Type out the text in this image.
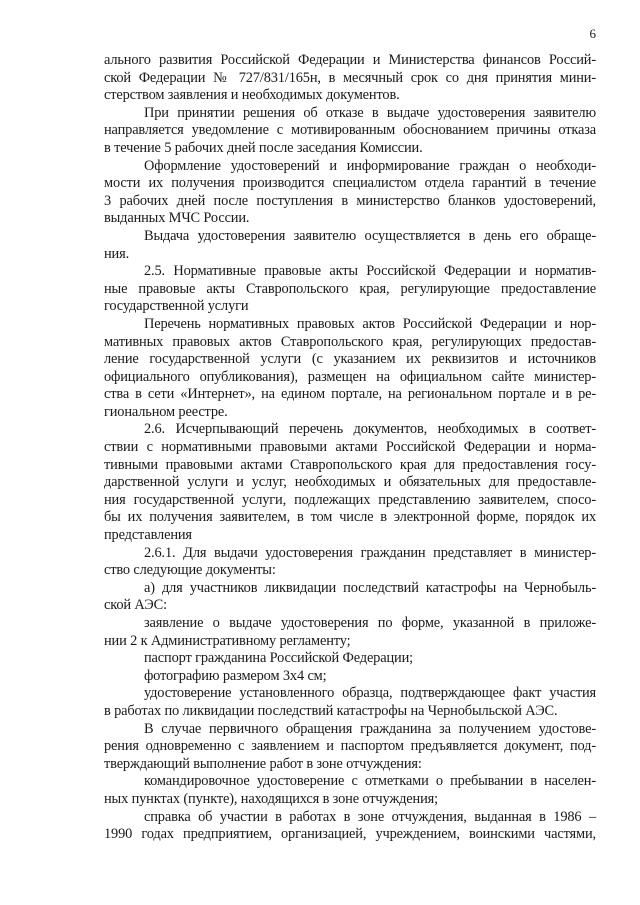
6

ального развития Российской Федерации и Министерства финансов Россий-

ской Федерации № 727/831/165н, в месячный срок со дня принятия мини-

стерством заявления и необходимых документов.

При принятии решения об отказе в выдаче удостоверения заявителю

направляется уведомление с мотивированным обоснованием причины отказа

в течение 5 рабочих дней после заседания Комиссии.

Оформление удостоверений и информирование граждан о необходи-

мости их получения производится специалистом отдела гарантий в течение

3 рабочих дней после поступления в министерство бланков удостоверений,

выданных МЧС России.

Выдача удостоверения заявителю осуществляется в день его обраще-

ния.

2.5. Нормативные правовые акты Российской Федерации и норматив-

ные правовые акты Ставропольского края, регулирующие предоставление

государственной услуги

Перечень нормативных правовых актов Российской Федерации и нор-

мативных правовых актов Ставропольского края, регулирующих предостав-

ление государственной услуги (с указанием их реквизитов и источников

официального опубликования), размещен на официальном сайте министер-

ства в сети «Интернет», на едином портале, на региональном портале и в ре-

гиональном реестре.

2.6. Исчерпывающий перечень документов, необходимых в соответ-

ствии с нормативными правовыми актами Российской Федерации и норма-

тивными правовыми актами Ставропольского края для предоставления госу-

дарственной услуги и услуг, необходимых и обязательных для предоставле-

ния государственной услуги, подлежащих представлению заявителем, спосо-

бы их получения заявителем, в том числе в электронной форме, порядок их

представления

2.6.1. Для выдачи удостоверения гражданин представляет в министер-

ство следующие документы:

а) для участников ликвидации последствий катастрофы на Чернобыль-

ской АЭС:

заявление о выдаче удостоверения по форме, указанной в приложе-

нии 2 к Административному регламенту;

паспорт гражданина Российской Федерации;

фотографию размером 3х4 см;

удостоверение установленного образца, подтверждающее факт участия

в работах по ликвидации последствий катастрофы на Чернобыльской АЭС.

В случае первичного обращения гражданина за получением удостове-

рения одновременно с заявлением и паспортом предъявляется документ, под-

тверждающий выполнение работ в зоне отчуждения:

командировочное удостоверение с отметками о пребывании в населен-

ных пунктах (пункте), находящихся в зоне отчуждения;

справка об участии в работах в зоне отчуждения, выданная в 1986 –

1990 годах предприятием, организацией, учреждением, воинскими частями,
